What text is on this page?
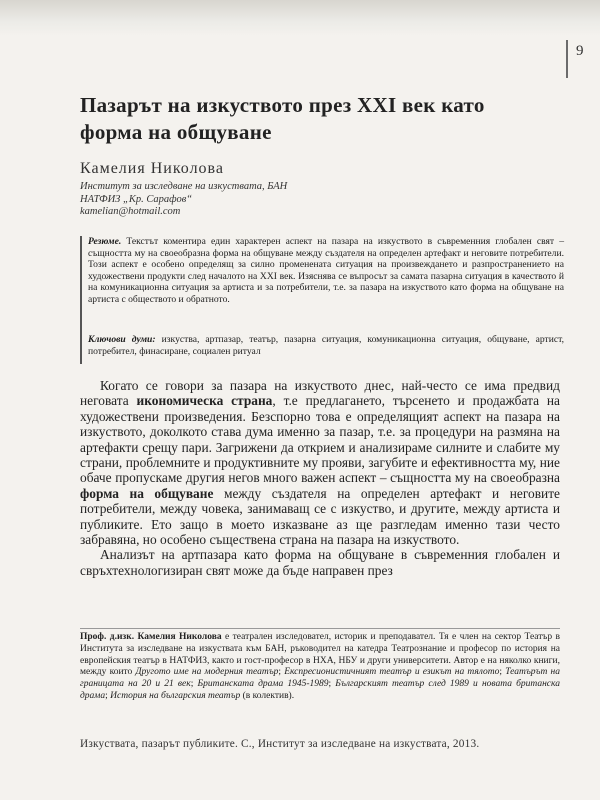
9
Пазарът на изкуството през XXI век като форма на общуване
Камелия Николова
Институт за изследване на изкуствата, БАН
НАТФИЗ „Кр. Сарафов“
kamelian@hotmail.com
Резюме. Текстът коментира един характерен аспект на пазара на изкуството в съвременния глобален свят – същността му на своеобразна форма на общуване между създателя на определен артефакт и неговите потребители. Този аспект е особено определящ за силно променената ситуация на произвеждането и разпространението на художествени продукти след началото на XXI век. Изяснява се въпросът за самата пазарна ситуация в качеството й на комуникационна ситуация за артиста и за потребители, т.е. за пазара на изкуството като форма на общуване на артиста с обществото и обратното.
Ключови думи: изкуства, артпазар, театър, пазарна ситуация, комуникационна ситуация, общуване, артист, потребител, финасиране, социален ритуал

Когато се говори за пазара на изкуството днес, най-често се има предвид неговата икономическа страна, т.е предлагането, търсенето и продажбата на художествени произведения. Безспорно това е определящият аспект на пазара на изкуството, доколкото става дума именно за пазар, т.е. за процедури на размяна на артефакти срещу пари. Загрижени да открием и анализираме силните и слабите му страни, проблемните и продуктивните му прояви, загубите и ефективността му, ние обаче пропускаме другия негов много важен аспект – същността му на своеобразна форма на общуване между създателя на определен артефакт и неговите потребители, между човека, занимаващ се с изкуство, и другите, между артиста и публиките. Ето защо в моето изказване аз ще разгледам именно тази често забравяна, но особено съществена страна на пазара на изкуството.

Анализът на артпазара като форма на общуване в съвременния глобален и свръхтехнологизиран свят може да бъде направен през

Проф. д.изк. Камелия Николова е театрален изследовател, историк и преподавател. Тя е член на сектор Театър в Института за изследване на изкуствата към БАН, ръководител на катедра Театрознание и професор по история на европейския театър в НАТФИЗ, както и гост-професор в НХА, НБУ и други университети. Автор е на няколко книги, между които Другото име на модерния театър; Експресионистичният театър и езикът на тялото; Театърът на границата на 20 и 21 век; Британската драма 1945-1989; Българският театър след 1989 и новата британска драма; История на българския театър (в колектив).
Изкуствата, пазарът публиките. С., Институт за изследване на изкуствата, 2013.
